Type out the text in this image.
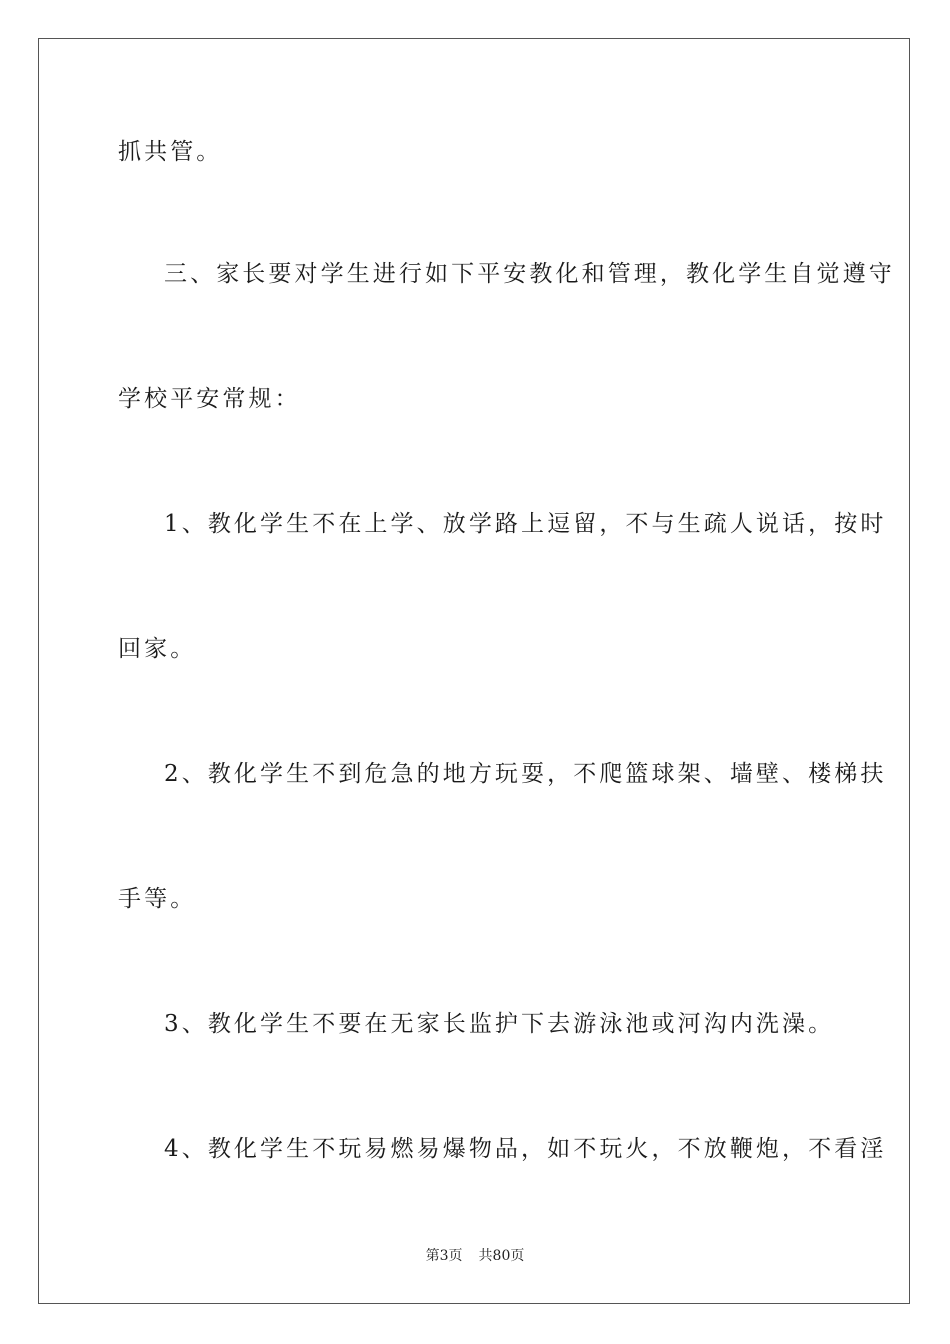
抓共管。
三、家长要对学生进行如下平安教化和管理，教化学生自觉遵守
学校平安常规：
1、教化学生不在上学、放学路上逗留，不与生疏人说话，按时
回家。
2、教化学生不到危急的地方玩耍，不爬篮球架、墙壁、楼梯扶
手等。
3、教化学生不要在无家长监护下去游泳池或河沟内洗澡。
4、教化学生不玩易燃易爆物品，如不玩火，不放鞭炮，不看淫
第3页 共80页
